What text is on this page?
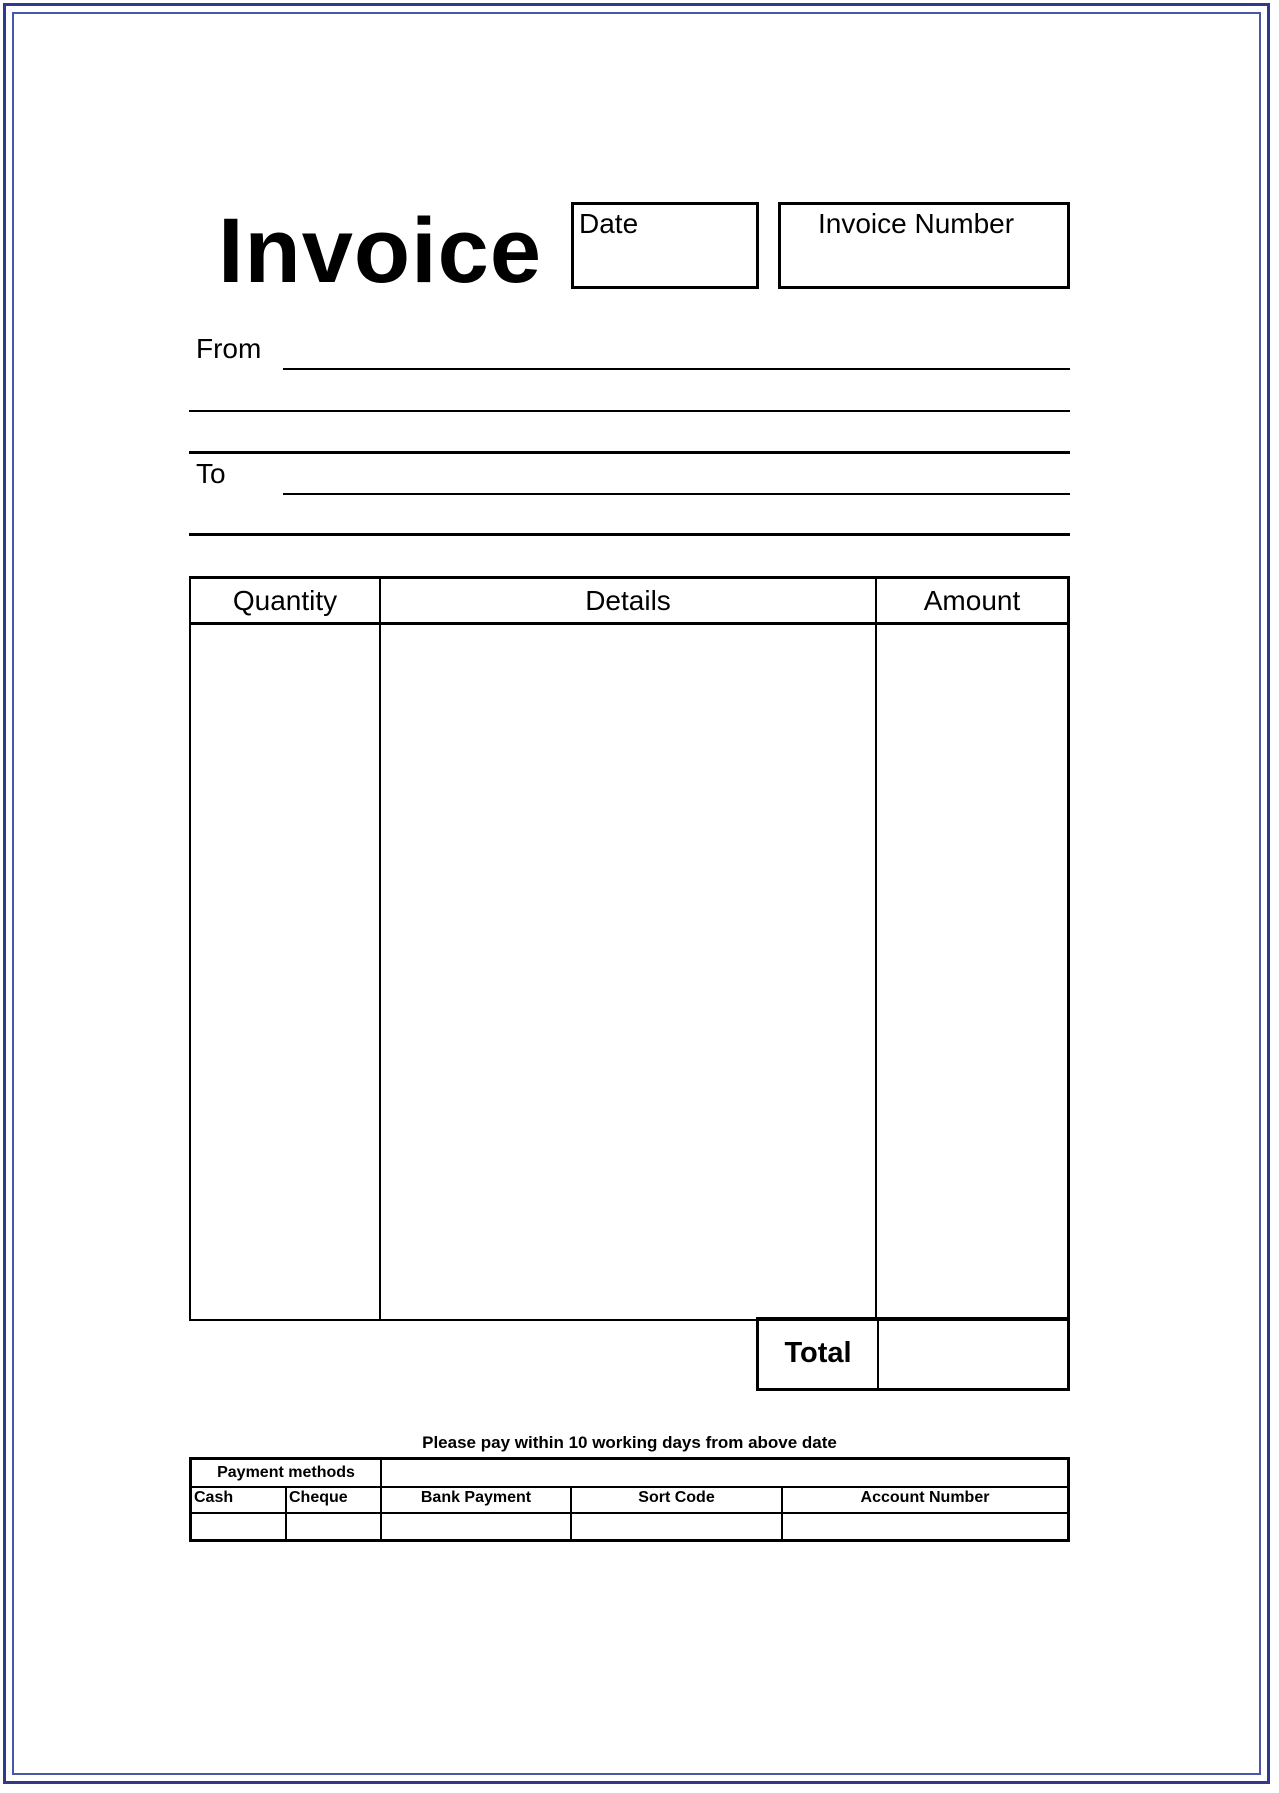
Invoice Date	Invoice Number
From
To
Quantity	Details	Amount
Total
Please pay within 10 working days from above date
Payment methods
Cash	Cheque	Bank Payment	Sort Code	Account Number
